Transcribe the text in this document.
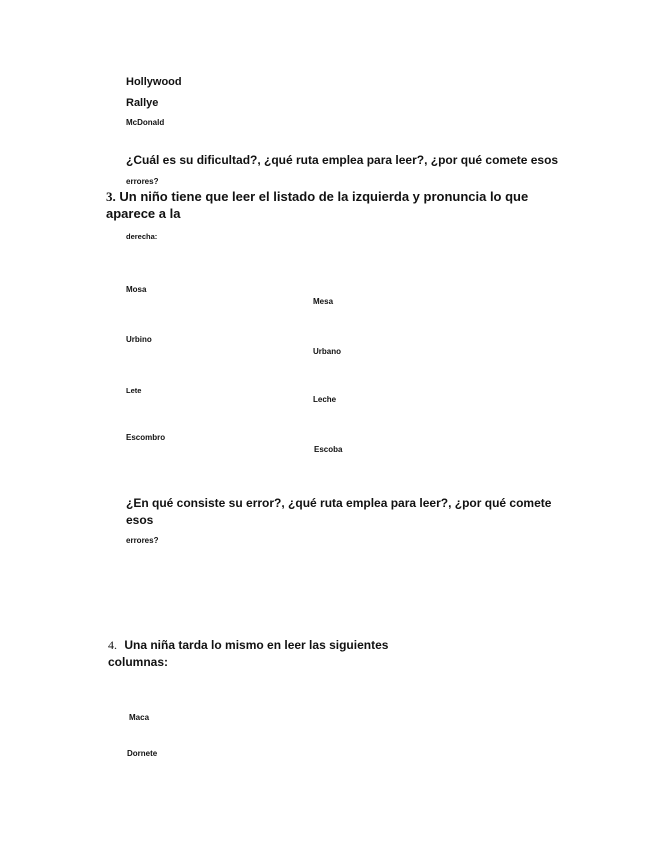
Hollywood
Rallye
McDonald
¿Cuál es su dificultad?, ¿qué ruta emplea para leer?, ¿por qué comete esos
errores?
3. Un niño tiene que leer el listado de la izquierda y pronuncia lo que
aparece a la
derecha:
Mosa
Mesa
Urbino
Urbano
Lete
Leche
Escombro
Escoba
¿En qué consiste su error?, ¿qué ruta emplea para leer?, ¿por qué comete
esos
errores?
4. Una niña tarda lo mismo en leer las siguientes
columnas:
Maca
Dornete
